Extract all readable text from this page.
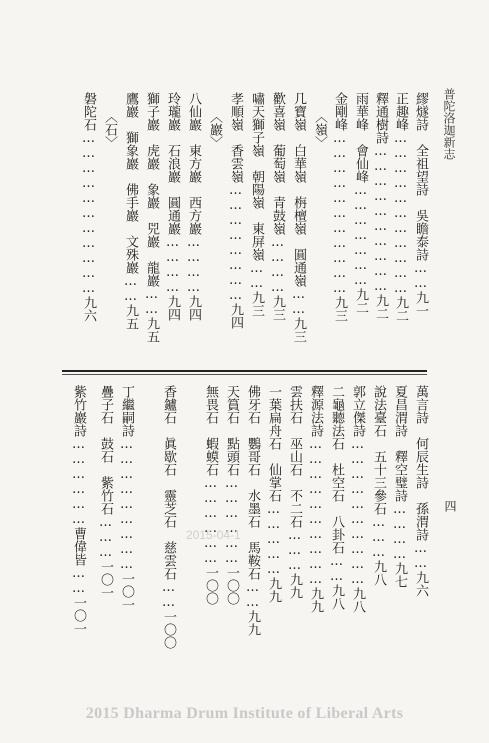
普陀洛迦新志
四
繆燧詩　全祖望詩　吳瞻泰詩……九一
正趣峰……………………………九二
釋通樹詩…………………………九二
雨華峰　會仙峰…………………九二
金剛峰……………………………九三
〈嶺〉
几寶嶺　白華嶺　栴檀嶺　圓通嶺……九三
歡喜嶺　葡萄嶺　青鼓嶺…………九三
嘯天獅子嶺　朝陽嶺　東屏嶺……九三
孝順嶺　香雲嶺……………………九四
〈巖〉
八仙巖　東方巖　西方巖…………九四
玲瓏巖　石浪巖　圓通巖…………九四
獅子巖　虎巖　象巖　兕巖　龍巖……九五
鷹巖　獅象巖　佛手巖　文殊巖……九五
〈石〉
磐陀石……………………………九六
萬言詩　何辰生詩　孫渭詩……九六
夏昌渭詩　釋空璧詩…………九七
說法臺石　五十三參石………九八
郭立傑詩…………………………九八
二龜聽法石　杜空石　八卦石……九八
釋源法詩…………………………九九
雲扶石　巫山石　不二石………九九
一葉扁舟石　仙掌石……………九九
佛牙石　鸚哥石　水墨石　馬鞍石……九九
天篔石　點頭石………………一〇〇
無畏石　蝦蟆石………………一〇〇
香鑪石　眞歇石　靈芝石　慈雲石……一〇〇
丁繼嗣詩………………………一〇一
疊子石　鼓石　紫竹石………一〇一
紫竹巖詩………………曹偉皆……一〇一	2015-04-1
2015 Dharma Drum Institute of Liberal Arts
